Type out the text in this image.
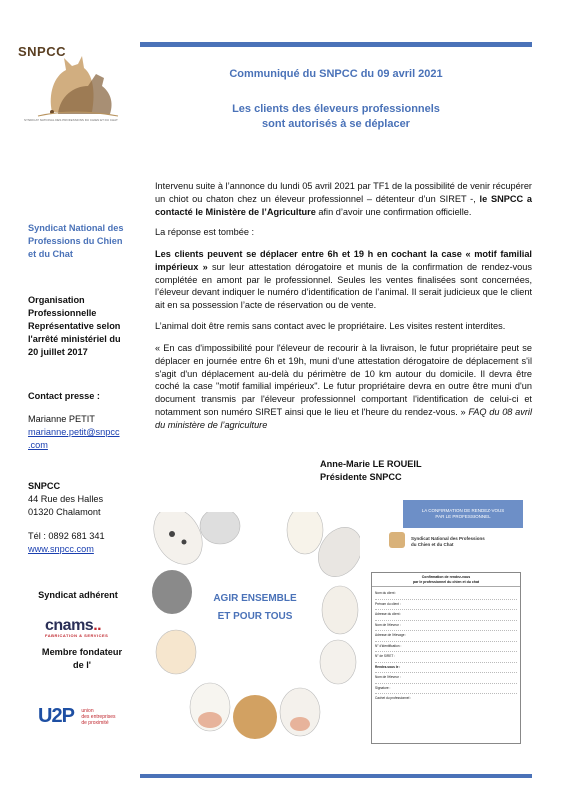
SNPCC
SYNDICAT NATIONAL DES PROFESSIONS DU CHIEN ET DU CHAT
Communiqué du SNPCC du 09 avril 2021
Les clients des éleveurs professionnels
sont autorisés à se déplacer
Syndicat National des
Professions du Chien
et du Chat
Organisation
Professionnelle
Représentative selon
l'arrêté ministériel du
20 juillet 2017
Contact presse :
Marianne PETIT
marianne.petit@snpcc
.com
SNPCC
44 Rue des Halles
01320 Chalamont
Tél : 0892 681 341
www.snpcc.com
Syndicat adhérent
cnams..
FABRICATION & SERVICES
Membre fondateur
de l'
U2P union
des entreprises
de proximité
Intervenu suite à l’annonce du lundi 05 avril 2021 par TF1 de la possibilité de venir récupérer un chiot ou chaton chez un éleveur professionnel – détenteur d’un SIRET -, le SNPCC a contacté le Ministère de l’Agriculture afin d’avoir une confirmation officielle.
La réponse est tombée :
Les clients peuvent se déplacer entre 6h et 19 h en cochant la case « motif familial impérieux » sur leur attestation dérogatoire et munis de la confirmation de rendez-vous complétée en amont par le professionnel. Seules les ventes finalisées sont concernées, l’éleveur devant indiquer le numéro d’identification de l’animal. Il serait judicieux que le client ait en sa possession l’acte de réservation ou de vente.
L’animal doit être remis sans contact avec le propriétaire. Les visites restent interdites.
« En cas d'impossibilité pour l'éleveur de recourir à la livraison, le futur propriétaire peut se déplacer en journée entre 6h et 19h, muni d'une attestation dérogatoire de déplacement s'il s'agit d'un déplacement au-delà du périmètre de 10 km autour du domicile. Il devra être coché la case "motif familial impérieux". Le futur propriétaire devra en outre être muni d'un document transmis par l'éleveur professionnel comportant l'identification de celui-ci et notamment son numéro SIRET ainsi que le lieu et l'heure du rendez-vous. » FAQ du 08 avril du ministère de l’agriculture
Anne-Marie LE ROUEIL
Présidente SNPCC
AGIR ENSEMBLE
ET POUR TOUS
LA CONFIRMATION DE RENDEZ-VOUS
PAR LE PROFESSIONNEL
Syndicat National des Professions
du Chien et du Chat
Confirmation de rendez-vous
par le professionnel du chien et du chat
Nom du client :
Prénom du client :
Adresse du client :
Nom de l'éleveur :
Adresse de l'élevage :
N° d'identification :
N° de SIRET :
Rendez-vous le :
Nom de l'éleveur :
Signature :
Cachet du professionnel :
